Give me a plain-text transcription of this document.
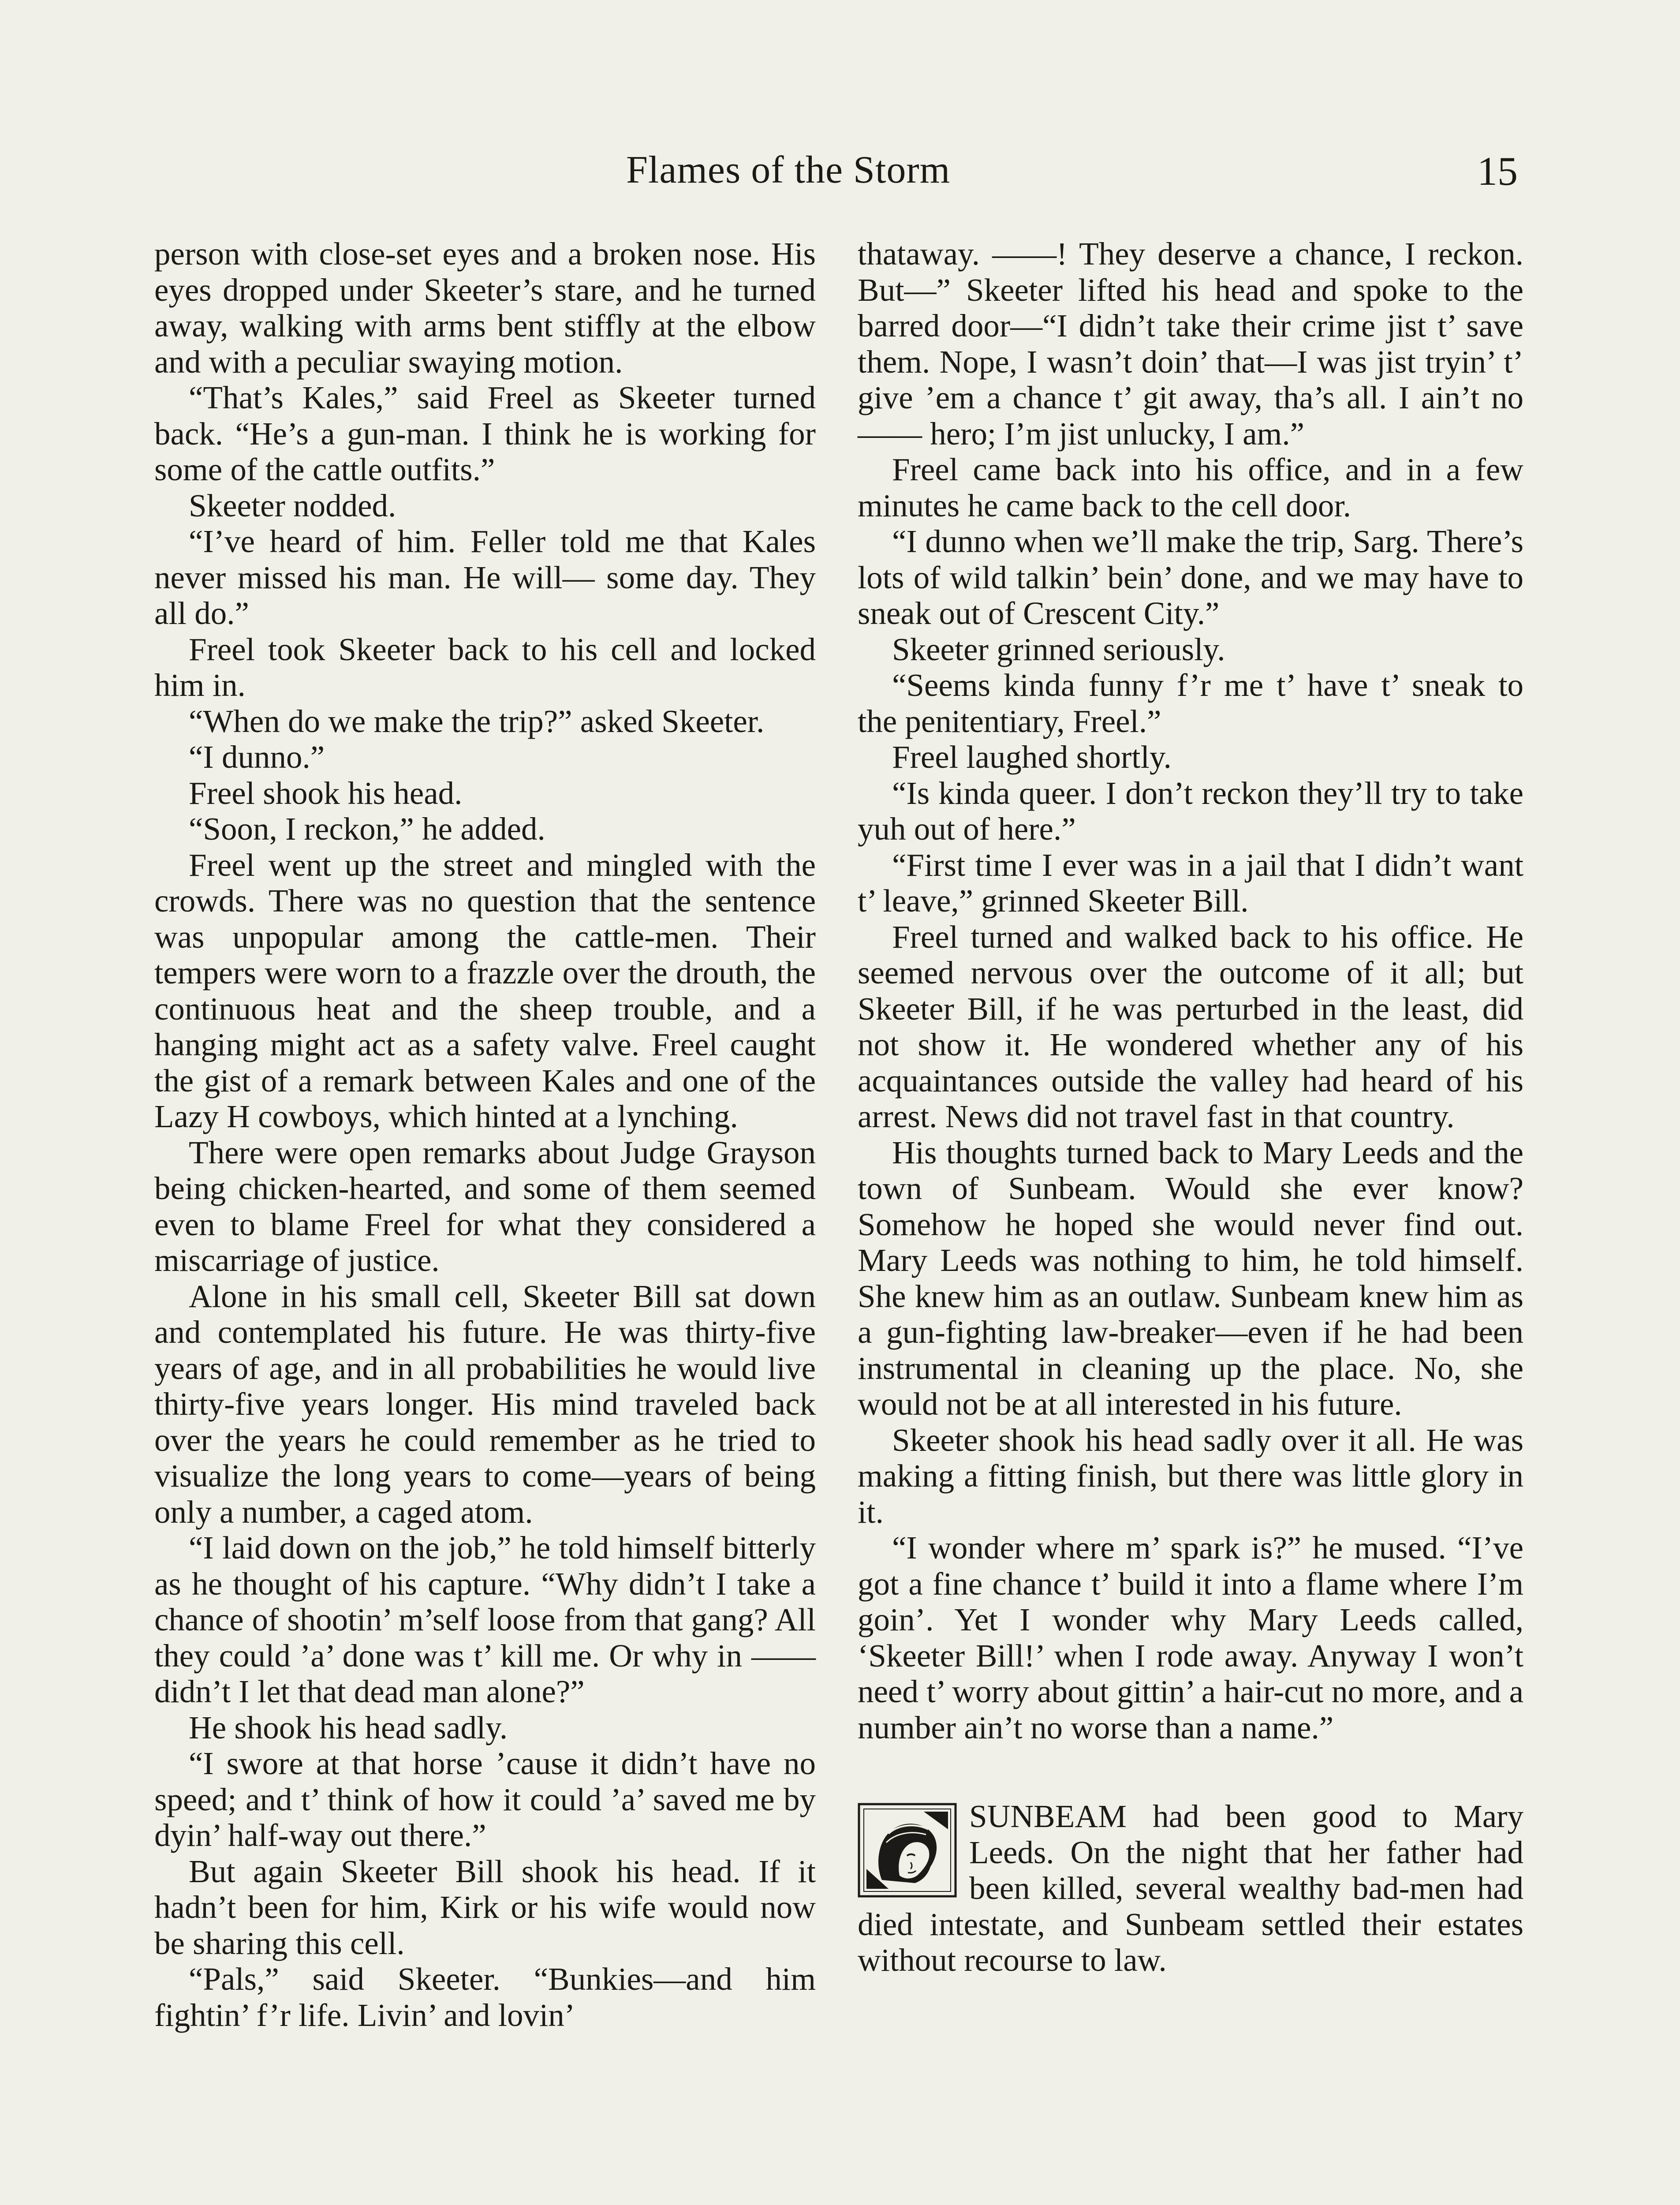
Flames of the Storm	15

person with close-set eyes and a broken nose. His eyes dropped under Skeeter’s stare, and he turned away, walking with arms bent stiffly at the elbow and with a peculiar swaying motion.

“That’s Kales,” said Freel as Skeeter turned back. “He’s a gun-man. I think he is working for some of the cattle outfits.”

Skeeter nodded.

“I’ve heard of him. Feller told me that Kales never missed his man. He will— some day. They all do.”

Freel took Skeeter back to his cell and locked him in.

“When do we make the trip?” asked Skeeter.

“I dunno.”

Freel shook his head.

“Soon, I reckon,” he added.

Freel went up the street and mingled with the crowds. There was no question that the sentence was unpopular among the cattle-men. Their tempers were worn to a frazzle over the drouth, the continuous heat and the sheep trouble, and a hanging might act as a safety valve. Freel caught the gist of a remark between Kales and one of the Lazy H cowboys, which hinted at a lynching.

There were open remarks about Judge Grayson being chicken-hearted, and some of them seemed even to blame Freel for what they considered a miscarriage of justice.

Alone in his small cell, Skeeter Bill sat down and contemplated his future. He was thirty-five years of age, and in all probabilities he would live thirty-five years longer. His mind traveled back over the years he could remember as he tried to visualize the long years to come—years of being only a number, a caged atom.

“I laid down on the job,” he told himself bitterly as he thought of his capture. “Why didn’t I take a chance of shootin’ m’self loose from that gang? All they could ’a’ done was t’ kill me. Or why in —— didn’t I let that dead man alone?”

He shook his head sadly.

“I swore at that horse ’cause it didn’t have no speed; and t’ think of how it could ’a’ saved me by dyin’ half-way out there.”

But again Skeeter Bill shook his head. If it hadn’t been for him, Kirk or his wife would now be sharing this cell.

“Pals,” said Skeeter. “Bunkies—and him fightin’ f’r life. Livin’ and lovin’

thataway. ——! They deserve a chance, I reckon. But—” Skeeter lifted his head and spoke to the barred door—“I didn’t take their crime jist t’ save them. Nope, I wasn’t doin’ that—I was jist tryin’ t’ give ’em a chance t’ git away, tha’s all. I ain’t no —— hero; I’m jist unlucky, I am.”

Freel came back into his office, and in a few minutes he came back to the cell door.

“I dunno when we’ll make the trip, Sarg. There’s lots of wild talkin’ bein’ done, and we may have to sneak out of Crescent City.”

Skeeter grinned seriously.

“Seems kinda funny f’r me t’ have t’ sneak to the penitentiary, Freel.”

Freel laughed shortly.

“Is kinda queer. I don’t reckon they’ll try to take yuh out of here.”

“First time I ever was in a jail that I didn’t want t’ leave,” grinned Skeeter Bill.

Freel turned and walked back to his office. He seemed nervous over the outcome of it all; but Skeeter Bill, if he was perturbed in the least, did not show it. He wondered whether any of his acquaintances outside the valley had heard of his arrest. News did not travel fast in that country.

His thoughts turned back to Mary Leeds and the town of Sunbeam. Would she ever know? Somehow he hoped she would never find out. Mary Leeds was nothing to him, he told himself. She knew him as an outlaw. Sunbeam knew him as a gun-fighting law-breaker—even if he had been instrumental in cleaning up the place. No, she would not be at all interested in his future.

Skeeter shook his head sadly over it all. He was making a fitting finish, but there was little glory in it.

“I wonder where m’ spark is?” he mused. “I’ve got a fine chance t’ build it into a flame where I’m goin’. Yet I wonder why Mary Leeds called, ‘Skeeter Bill!’ when I rode away. Anyway I won’t need t’ worry about gittin’ a hair-cut no more, and a number ain’t no worse than a name.”

SUNBEAM had been good to Mary Leeds. On the night that her father had been killed, several wealthy bad-men had died intestate, and Sunbeam settled their estates without recourse to law.
